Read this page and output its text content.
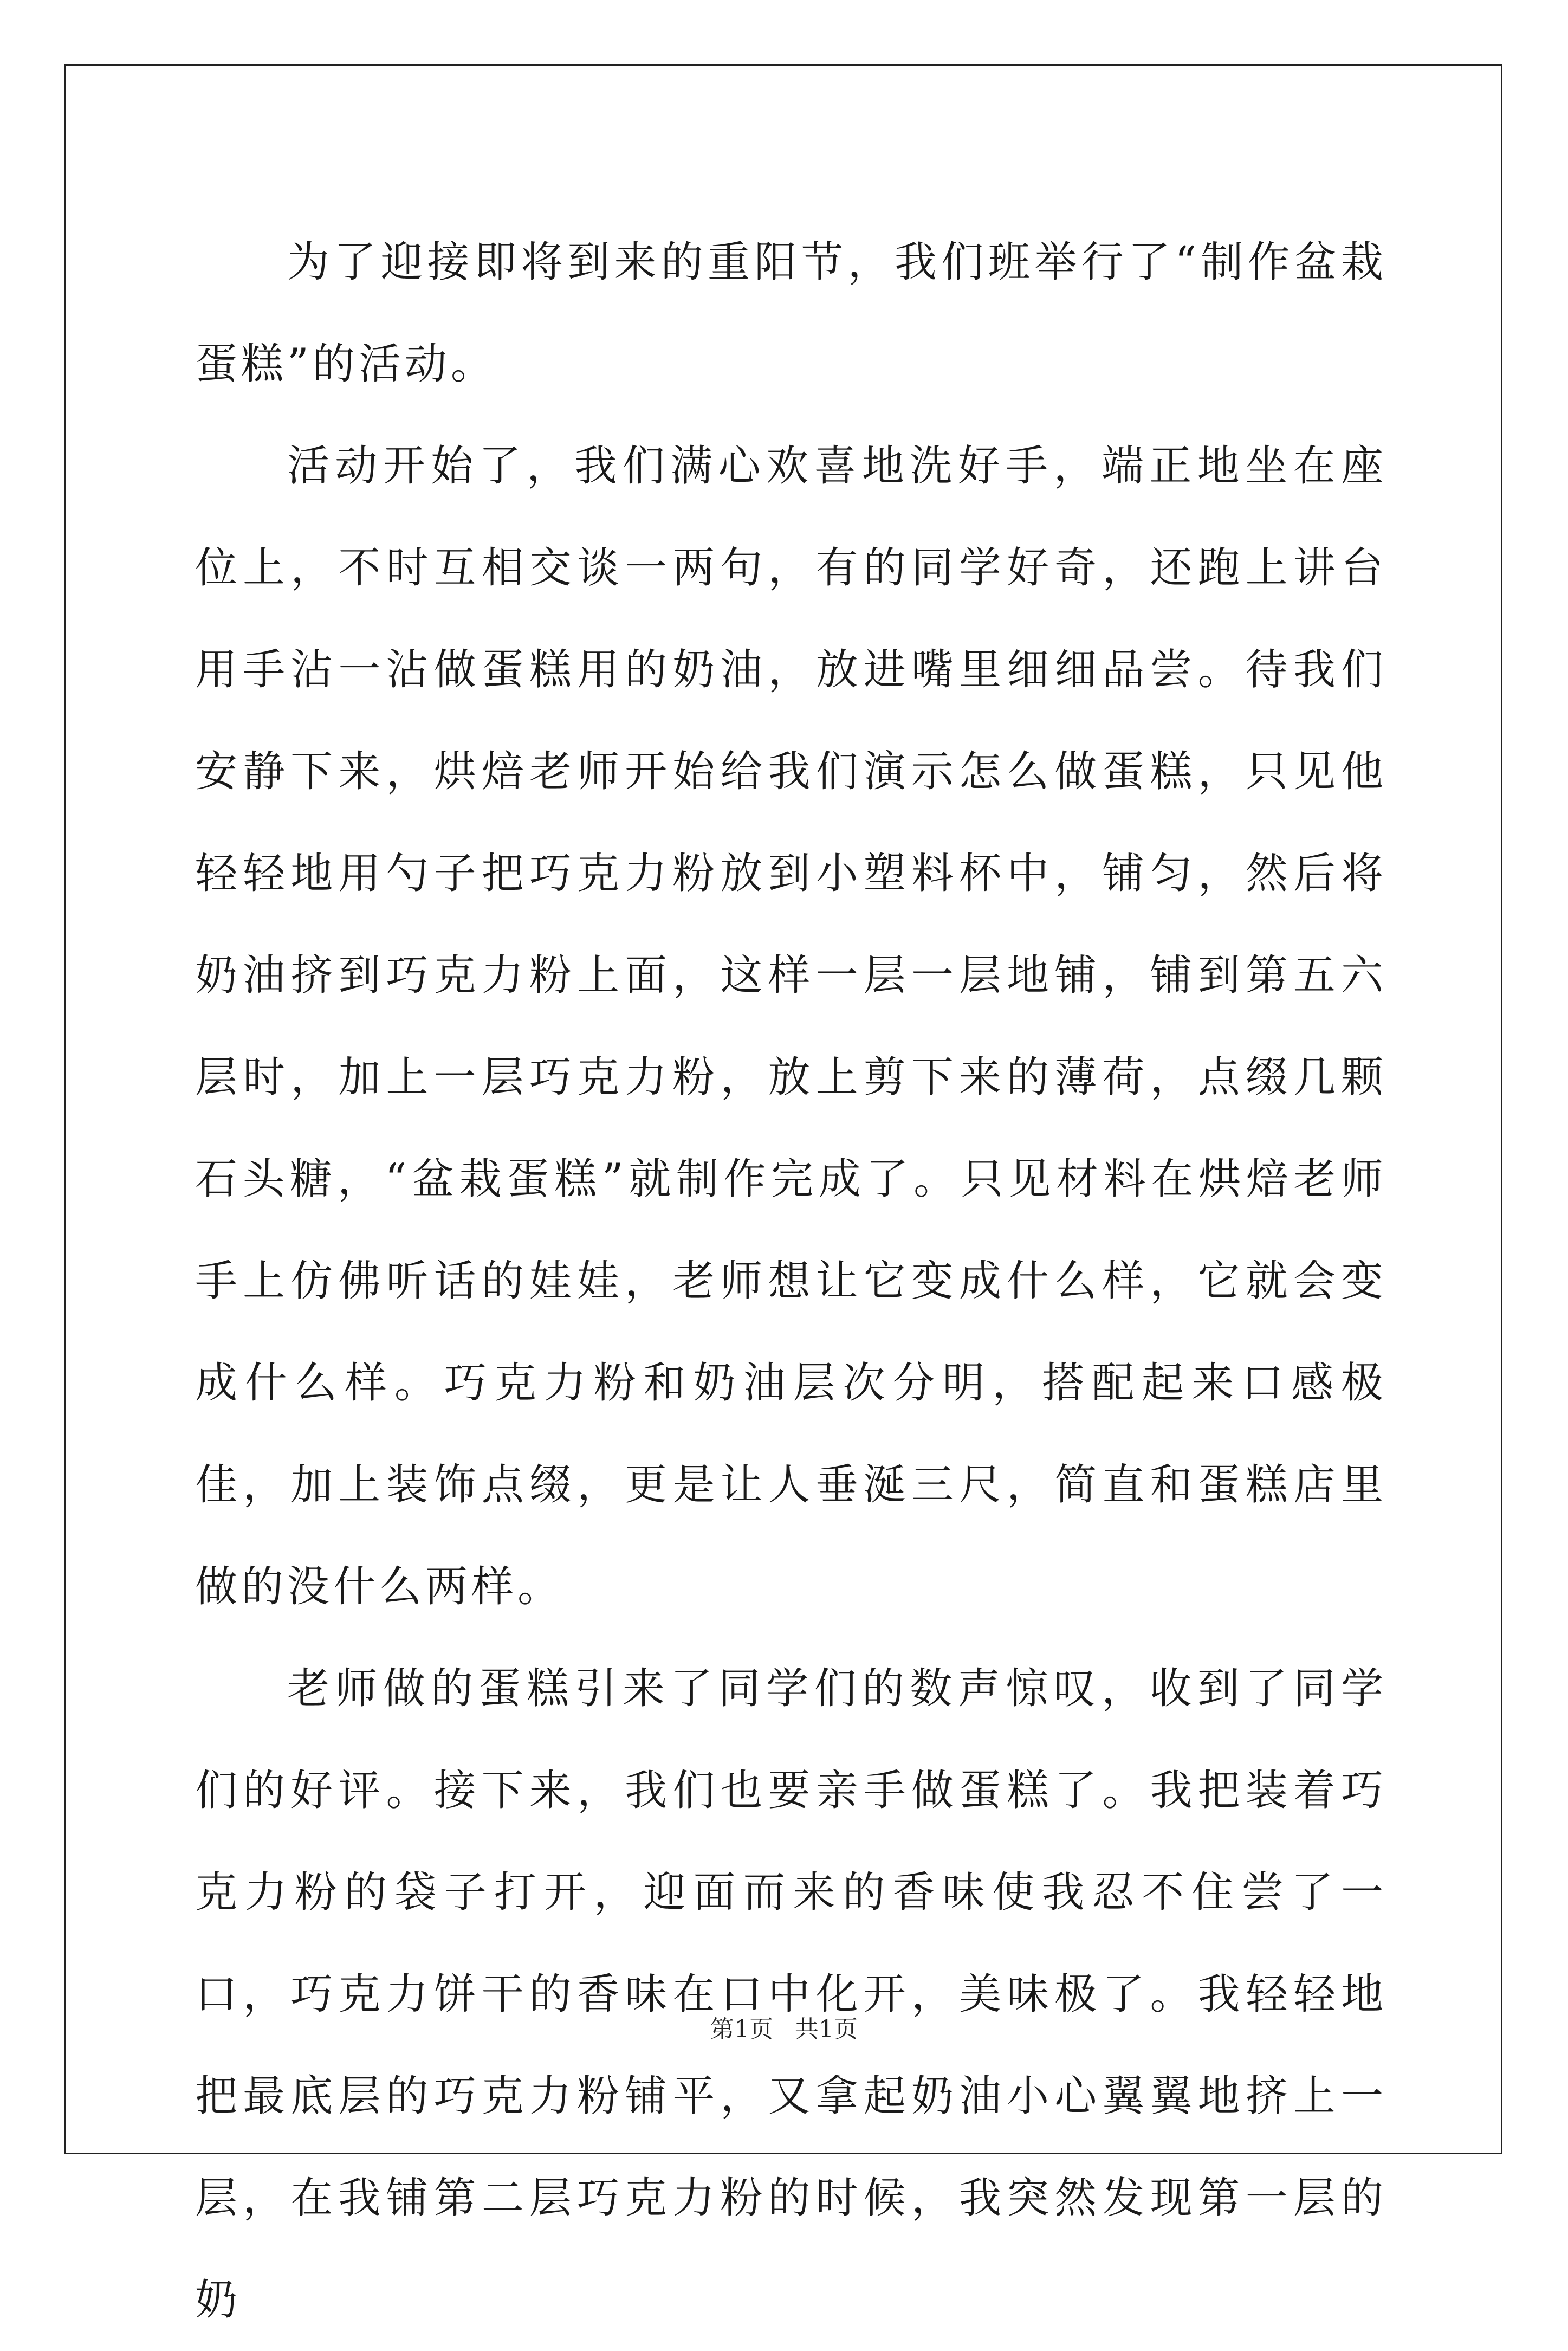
为了迎接即将到来的重阳节，我们班举行了“制作盆栽蛋糕”的活动。

活动开始了，我们满心欢喜地洗好手，端正地坐在座位上，不时互相交谈一两句，有的同学好奇，还跑上讲台用手沾一沾做蛋糕用的奶油，放进嘴里细细品尝。待我们安静下来，烘焙老师开始给我们演示怎么做蛋糕，只见他轻轻地用勺子把巧克力粉放到小塑料杯中，铺匀，然后将奶油挤到巧克力粉上面，这样一层一层地铺，铺到第五六层时，加上一层巧克力粉，放上剪下来的薄荷，点缀几颗石头糖，“盆栽蛋糕”就制作完成了。只见材料在烘焙老师手上仿佛听话的娃娃，老师想让它变成什么样，它就会变成什么样。巧克力粉和奶油层次分明，搭配起来口感极佳，加上装饰点缀，更是让人垂涎三尺，简直和蛋糕店里做的没什么两样。

老师做的蛋糕引来了同学们的数声惊叹，收到了同学们的好评。接下来，我们也要亲手做蛋糕了。我把装着巧克力粉的袋子打开，迎面而来的香味使我忍不住尝了一口，巧克力饼干的香味在口中化开，美味极了。我轻轻地把最底层的巧克力粉铺平，又拿起奶油小心翼翼地挤上一层，在我铺第二层巧克力粉的时候，我突然发现第一层的奶

第1页 共1页
